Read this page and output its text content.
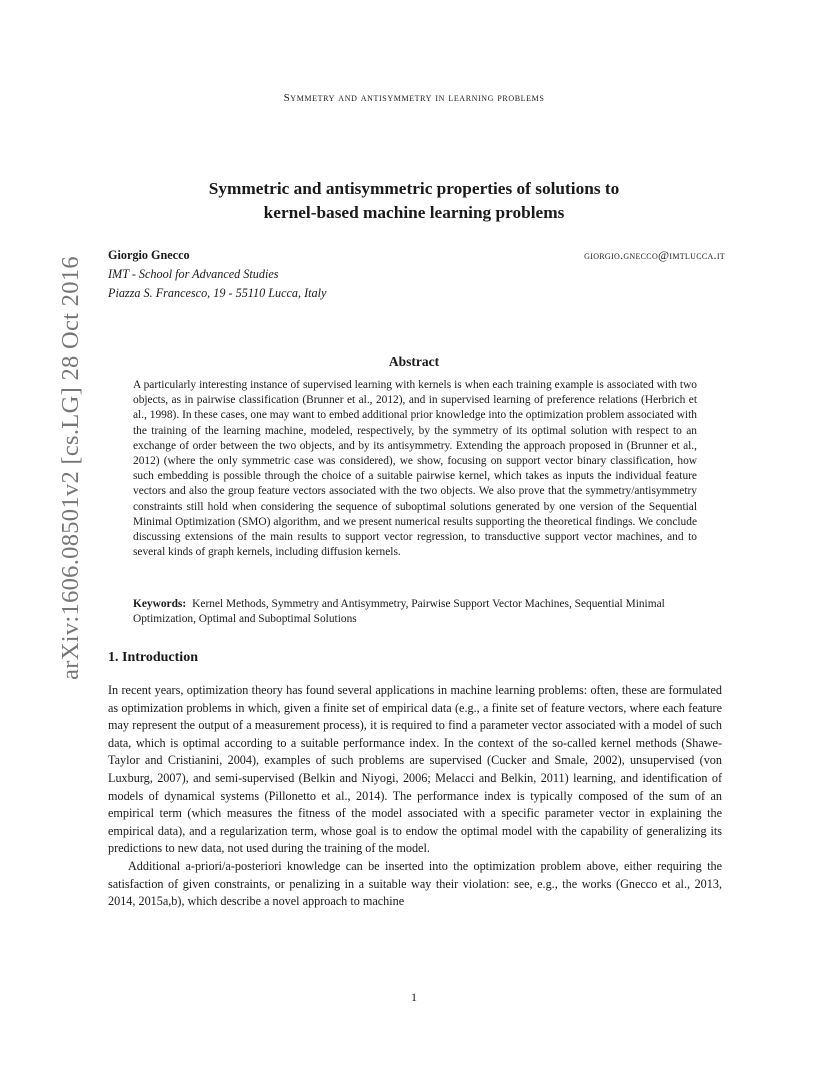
Symmetry and antisymmetry in learning problems
arXiv:1606.08501v2 [cs.LG] 28 Oct 2016
Symmetric and antisymmetric properties of solutions to
kernel-based machine learning problems
Giorgio Gnecco	giorgio.gnecco@imtlucca.it
IMT - School for Advanced Studies
Piazza S. Francesco, 19 - 55110 Lucca, Italy
Abstract
A particularly interesting instance of supervised learning with kernels is when each training example is associated with two objects, as in pairwise classification (Brunner et al., 2012), and in supervised learning of preference relations (Herbrich et al., 1998). In these cases, one may want to embed additional prior knowledge into the optimization problem associated with the training of the learning machine, modeled, respectively, by the symmetry of its optimal solution with respect to an exchange of order between the two objects, and by its antisymmetry. Extending the approach proposed in (Brunner et al., 2012) (where the only symmetric case was considered), we show, focusing on support vector binary classification, how such embedding is possible through the choice of a suitable pairwise kernel, which takes as inputs the individual feature vectors and also the group feature vectors associated with the two objects. We also prove that the symmetry/antisymmetry constraints still hold when considering the sequence of suboptimal solutions generated by one version of the Sequential Minimal Optimization (SMO) algorithm, and we present numerical results supporting the theoretical findings. We conclude discussing extensions of the main results to support vector regression, to transductive support vector machines, and to several kinds of graph kernels, including diffusion kernels.
Keywords: Kernel Methods, Symmetry and Antisymmetry, Pairwise Support Vector Machines, Sequential Minimal Optimization, Optimal and Suboptimal Solutions
1. Introduction

In recent years, optimization theory has found several applications in machine learning problems: often, these are formulated as optimization problems in which, given a finite set of empirical data (e.g., a finite set of feature vectors, where each feature may represent the output of a measurement process), it is required to find a parameter vector associated with a model of such data, which is optimal according to a suitable performance index. In the context of the so-called kernel methods (Shawe-Taylor and Cristianini, 2004), examples of such problems are supervised (Cucker and Smale, 2002), unsupervised (von Luxburg, 2007), and semi-supervised (Belkin and Niyogi, 2006; Melacci and Belkin, 2011) learning, and identification of models of dynamical systems (Pillonetto et al., 2014). The performance index is typically composed of the sum of an empirical term (which measures the fitness of the model associated with a specific parameter vector in explaining the empirical data), and a regularization term, whose goal is to endow the optimal model with the capability of generalizing its predictions to new data, not used during the training of the model.

Additional a-priori/a-posteriori knowledge can be inserted into the optimization problem above, either requiring the satisfaction of given constraints, or penalizing in a suitable way their violation: see, e.g., the works (Gnecco et al., 2013, 2014, 2015a,b), which describe a novel approach to machine

1
